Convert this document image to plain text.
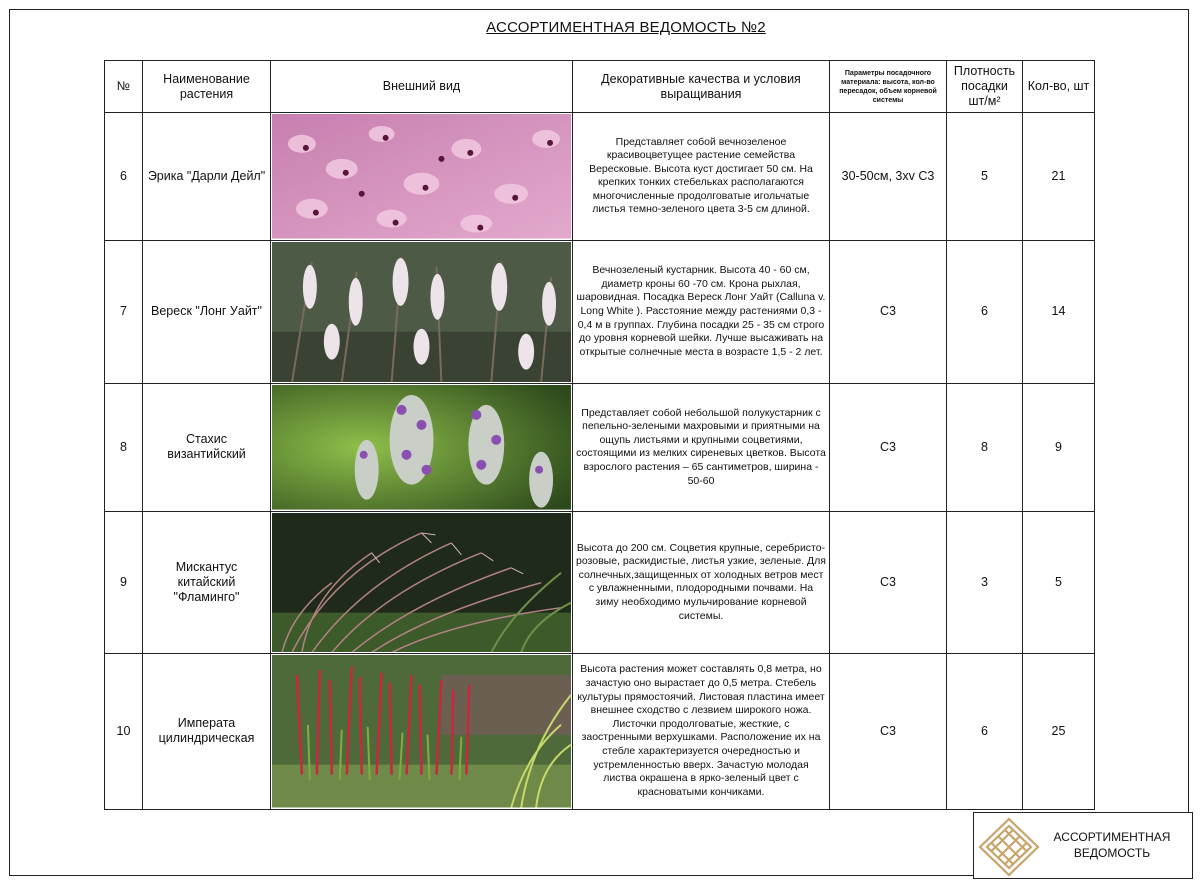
АССОРТИМЕНТНАЯ ВЕДОМОСТЬ №2
№	Наименование растения	Внешний вид	Декоративные качества и условия выращивания	Параметры посадочного материала: высота, кол-во пересадок, объем корневой системы	Плотность посадки шт/м²	Кол-во, шт
6	Эрика "Дарли Дейл"		Представляет собой вечнозеленое красивоцветущее растение семейства Вересковые. Высота куст достигает 50 см. На крепких тонких стебельках располагаются многочисленные продолговатые игольчатые листья темно-зеленого цвета 3-5 см длиной.	30-50см, 3хv С3	5	21
7	Вереск "Лонг Уайт"		Вечнозеленый кустарник. Высота 40 - 60 см, диаметр кроны 60 -70 см. Крона рыхлая, шаровидная. Посадка Вереск Лонг Уайт (Calluna v. Long White ). Расстояние между растениями 0,3 - 0,4 м в группах. Глубина посадки 25 - 35 см строго до уровня корневой шейки. Лучше высаживать на открытые солнечные места в возрасте 1,5 - 2 лет.	С3	6	14
8	Стахис византийский		Представляет собой небольшой полукустарник с пепельно-зелеными махровыми и приятными на ощупь листьями и крупными соцветиями, состоящими из мелких сиреневых цветков. Высота взрослого растения – 65 сантиметров, ширина - 50-60	С3	8	9
9	Мискантус китайский "Фламинго"		Высота до 200 см. Соцветия крупные, серебристо-розовые, раскидистые, листья узкие, зеленые. Для солнечных,защищенных от холодных ветров мест с увлажненными, плодородными почвами. На зиму необходимо мульчирование корневой системы.	С3	3	5
10	Императа цилиндрическая		Высота растения может составлять 0,8 метра, но зачастую оно вырастает до 0,5 метра. Стебель культуры прямостоячий. Листовая пластина имеет внешнее сходство с лезвием широкого ножа. Листочки продолговатые, жесткие, с заостренными верхушками. Расположение их на стебле характеризуется очередностью и устремленностью вверх. Зачастую молодая листва окрашена в ярко-зеленый цвет с красноватыми кончиками.	С3	6	25
АССОРТИМЕНТНАЯ
ВЕДОМОСТЬ
